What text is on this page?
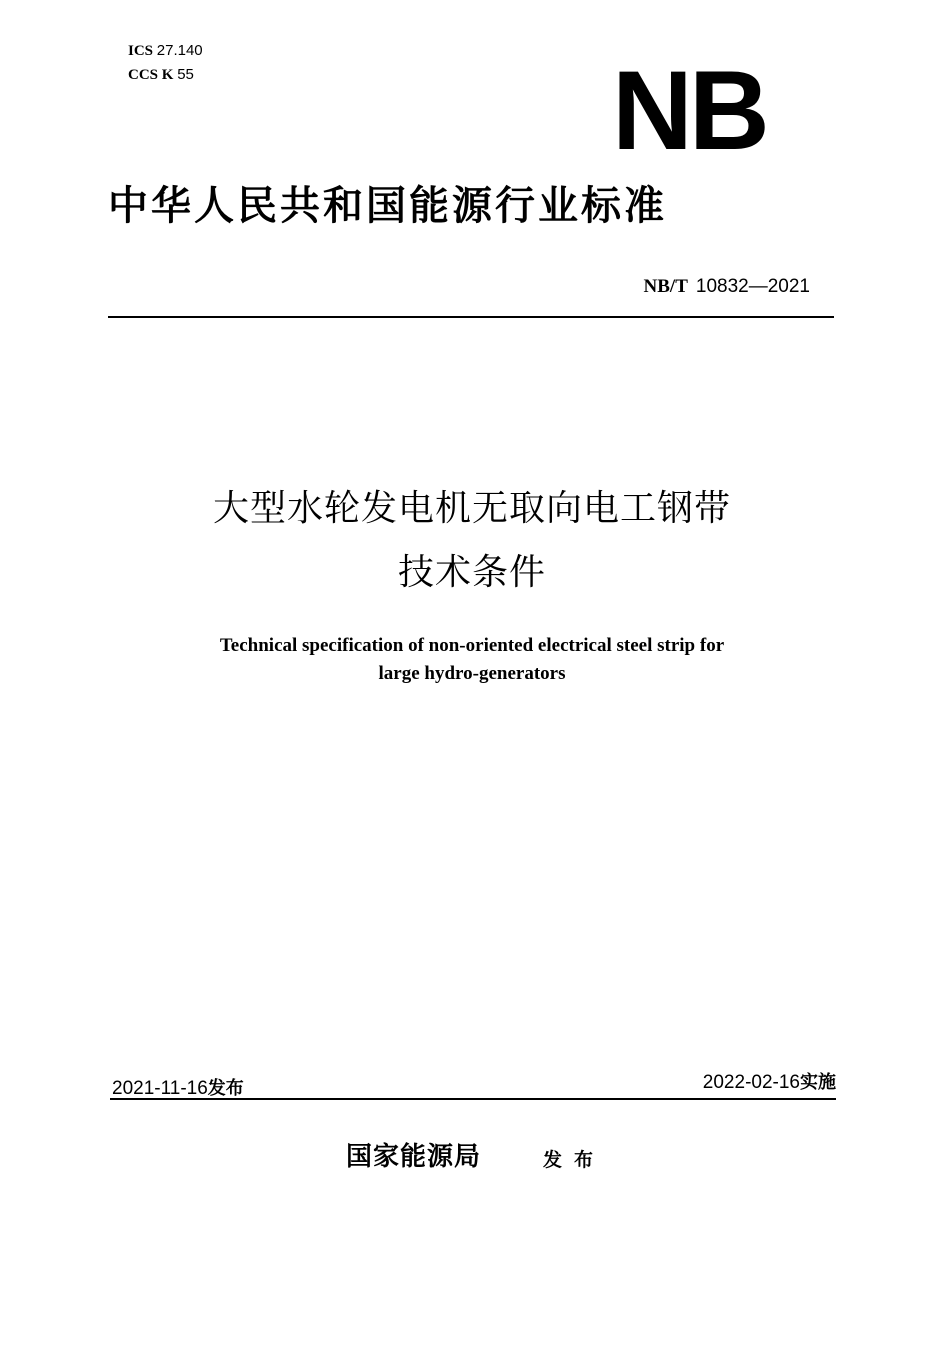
ICS 27.140
CCS K 55	NB
中华人民共和国能源行业标准
NB/T 10832—2021
大型水轮发电机无取向电工钢带
技术条件
Technical specification of non-oriented electrical steel strip for
large hydro-generators
2021-11-16发布	2022-02-16实施
国家能源局	发布
